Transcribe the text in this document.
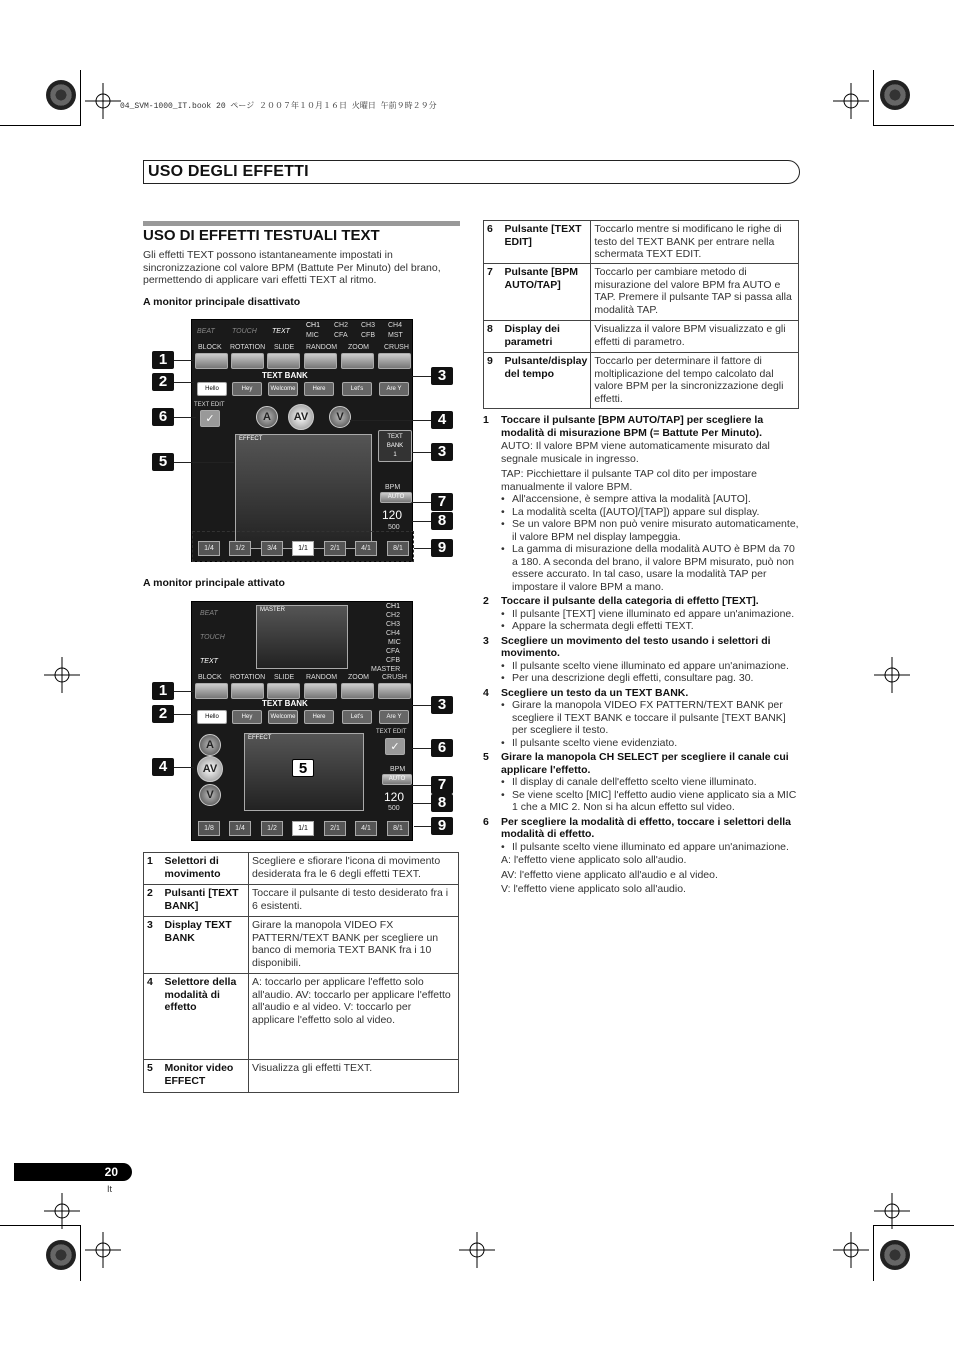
04_SVM-1000_IT.book 20 ページ ２００７年１０月１６日 火曜日 午前９時２９分
USO DEGLI EFFETTI
USO DI EFFETTI TESTUALI TEXT
Gli effetti TEXT possono istantaneamente impostati in sincronizzazione col valore BPM (Battute Per Minuto) del brano, permettendo di applicare vari effetti TEXT al ritmo.
A monitor principale disattivato
A monitor principale attivato
BEAT TOUCH TEXT
CH1 CH2 CH3 CH4
MIC CFA CFB MST
BLOCK ROTATION SLIDE RANDOM ZOOM CRUSH
TEXT BANK
Hello	Hey	Welcome	Here	Let's	Are Y
TEXT EDIT
✓	A	AV	V
EFFECT	TEXT BANK
1
BPM
AUTO
120
500
1/4	1/2	3/4	1/1	2/1	4/1	8/1
1
2
6
5
3
4
3
7
8
9
BEAT
TOUCH
TEXT
MASTER	CH1
CH2
CH3
CH4
MIC
CFA
CFB
MASTER
BLOCK ROTATION SLIDE RANDOM ZOOM CRUSH
TEXT BANK
Hello	Hey	Welcome	Here	Let's	Are Y
A
AV
V
EFFECT
TEXT EDIT
✓
BPM
AUTO
120
500
1/8	1/4	1/2	1/1	2/1	4/1	8/1
1
2
4
3
6
5
7
8
9
1	Selettori di movimento	Scegliere e sfiorare l'icona di movimento desiderata fra le 6 degli effetti TEXT.
2	Pulsanti [TEXT BANK]	Toccare il pulsante di testo desiderato fra i 6 esistenti.
3	Display TEXT BANK	Girare la manopola VIDEO FX PATTERN/TEXT BANK per scegliere un banco di memoria TEXT BANK fra i 10 disponibili.
4	Selettore della modalità di effetto	A: toccarlo per applicare l'effetto solo all'audio. AV: toccarlo per applicare l'effetto all'audio e al video. V: toccarlo per applicare l'effetto solo al video.
5	Monitor video EFFECT	Visualizza gli effetti TEXT.
6	Pulsante [TEXT EDIT]	Toccarlo mentre si modificano le righe di testo del TEXT BANK per entrare nella schermata TEXT EDIT.
7	Pulsante [BPM AUTO/TAP]	Toccarlo per cambiare metodo di misurazione del valore BPM fra AUTO e TAP. Premere il pulsante TAP si passa alla modalità TAP.
8	Display dei parametri	Visualizza il valore BPM visualizzato e gli effetti di parametro.
9	Pulsante/display del tempo	Toccarlo per determinare il fattore di moltiplicazione del tempo calcolato dal valore BPM per la sincronizzazione degli effetti.
1 Toccare il pulsante [BPM AUTO/TAP] per scegliere la modalità di misurazione BPM (= Battute Per Minuto).
AUTO: Il valore BPM viene automaticamente misurato dal segnale musicale in ingresso.
TAP: Picchiettare il pulsante TAP col dito per impostare manualmente il valore BPM.
• All'accensione, è sempre attiva la modalità [AUTO].
• La modalità scelta ([AUTO]/[TAP]) appare sul display.
• Se un valore BPM non può venire misurato automaticamente, il valore BPM nel display lampeggia.
• La gamma di misurazione della modalità AUTO è BPM da 70 a 180. A seconda del brano, il valore BPM misurato, può non essere accurato. In tal caso, usare la modalità TAP per impostare il valore BPM a mano.
2 Toccare il pulsante della categoria di effetto [TEXT].
• Il pulsante [TEXT] viene illuminato ed appare un'animazione.
• Appare la schermata degli effetti TEXT.
3 Scegliere un movimento del testo usando i selettori di movimento.
• Il pulsante scelto viene illuminato ed appare un'animazione.
• Per una descrizione degli effetti, consultare pag. 30.
4 Scegliere un testo da un TEXT BANK.
• Girare la manopola VIDEO FX PATTERN/TEXT BANK per scegliere il TEXT BANK e toccare il pulsante [TEXT BANK] per scegliere il testo.
• Il pulsante scelto viene evidenziato.
5 Girare la manopola CH SELECT per scegliere il canale cui applicare l'effetto.
• Il display di canale dell'effetto scelto viene illuminato.
• Se viene scelto [MIC] l'effetto audio viene applicato sia a MIC 1 che a MIC 2. Non si ha alcun effetto sul video.
6 Per scegliere la modalità di effetto, toccare i selettori della modalità di effetto.
• Il pulsante scelto viene illuminato ed appare un'animazione.
A: l'effetto viene applicato solo all'audio.
AV: l'effetto viene applicato all'audio e al video.
V: l'effetto viene applicato solo all'audio.
20
It
